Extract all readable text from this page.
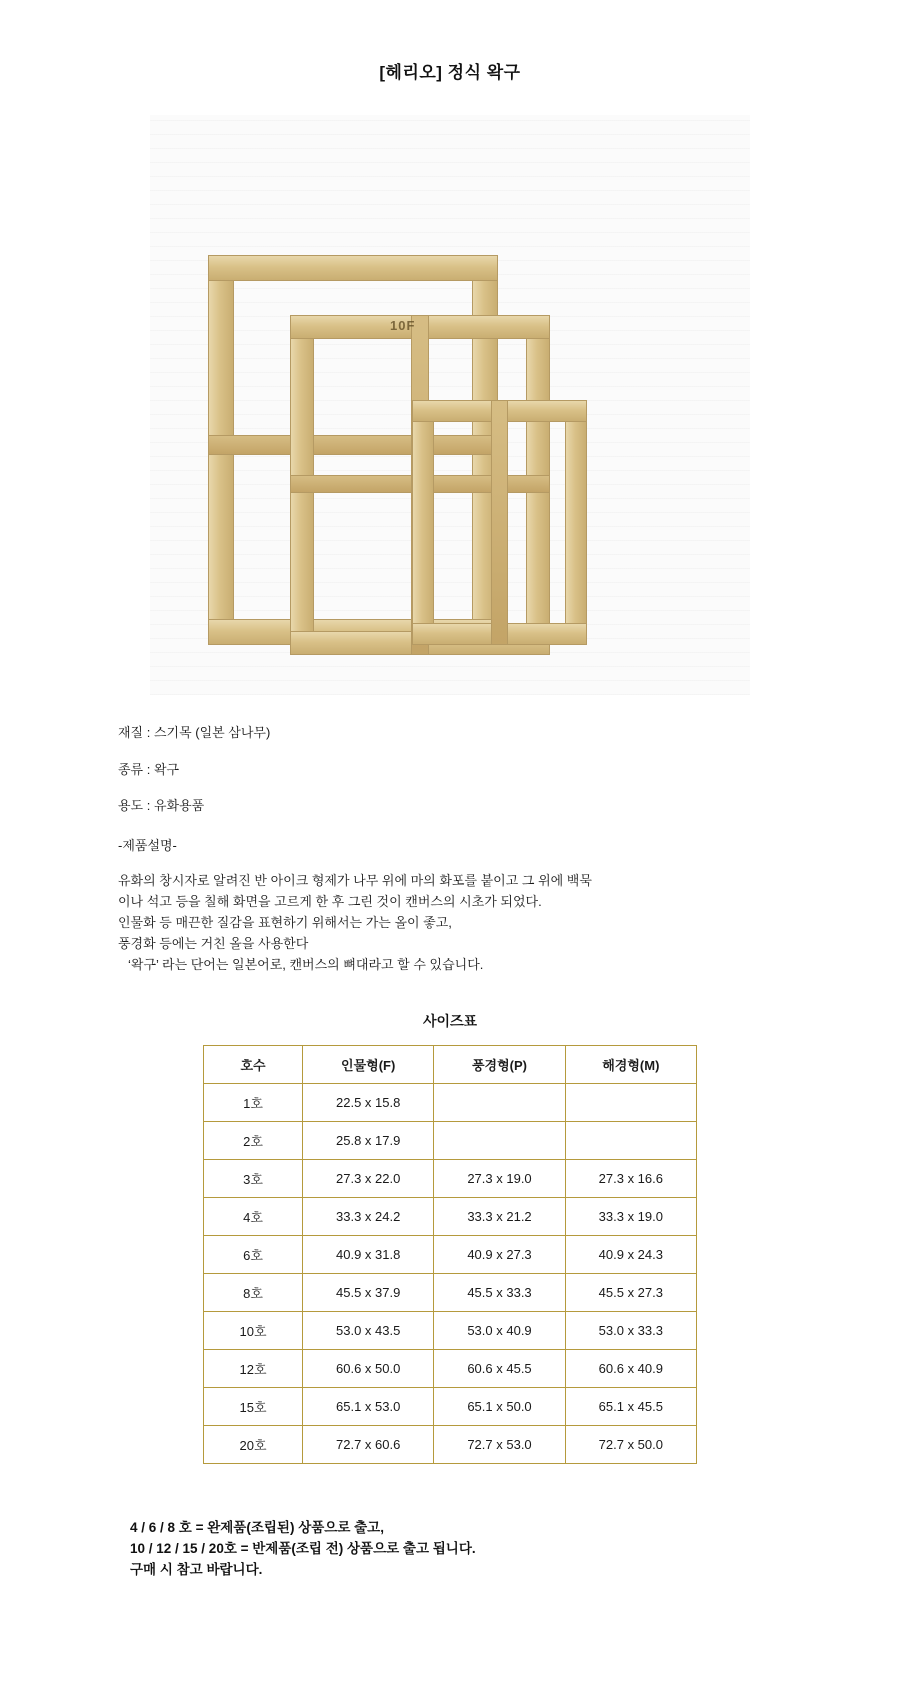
[헤리오] 정식 왁구
10F
재질 : 스기목 (일본 삼나무)
종류 : 왁구
용도 : 유화용품
-제품설명-

유화의 창시자로 알려진 반 아이크 형제가 나무 위에 마의 화포를 붙이고 그 위에 백묵

이나 석고 등을 칠해 화면을 고르게 한 후 그린 것이 캔버스의 시초가 되었다.

인물화 등 매끈한 질감을 표현하기 위해서는 가는 올이 좋고,

풍경화 등에는 거친 올을 사용한다

‘왁구’ 라는 단어는 일본어로, 캔버스의 뼈대라고 할 수 있습니다.

사이즈표
호수	인물형(F)	풍경형(P)	해경형(M)
1호	22.5 x 15.8		
2호	25.8 x 17.9		
3호	27.3 x 22.0	27.3 x 19.0	27.3 x 16.6
4호	33.3 x 24.2	33.3 x 21.2	33.3 x 19.0
6호	40.9 x 31.8	40.9 x 27.3	40.9 x 24.3
8호	45.5 x 37.9	45.5 x 33.3	45.5 x 27.3
10호	53.0 x 43.5	53.0 x 40.9	53.0 x 33.3
12호	60.6 x 50.0	60.6 x 45.5	60.6 x 40.9
15호	65.1 x 53.0	65.1 x 50.0	65.1 x 45.5
20호	72.7 x 60.6	72.7 x 53.0	72.7 x 50.0
4 / 6 / 8 호 = 완제품(조립된) 상품으로 출고,
10 / 12 / 15 / 20호 = 반제품(조립 전) 상품으로 출고 됩니다.
구매 시 참고 바랍니다.
